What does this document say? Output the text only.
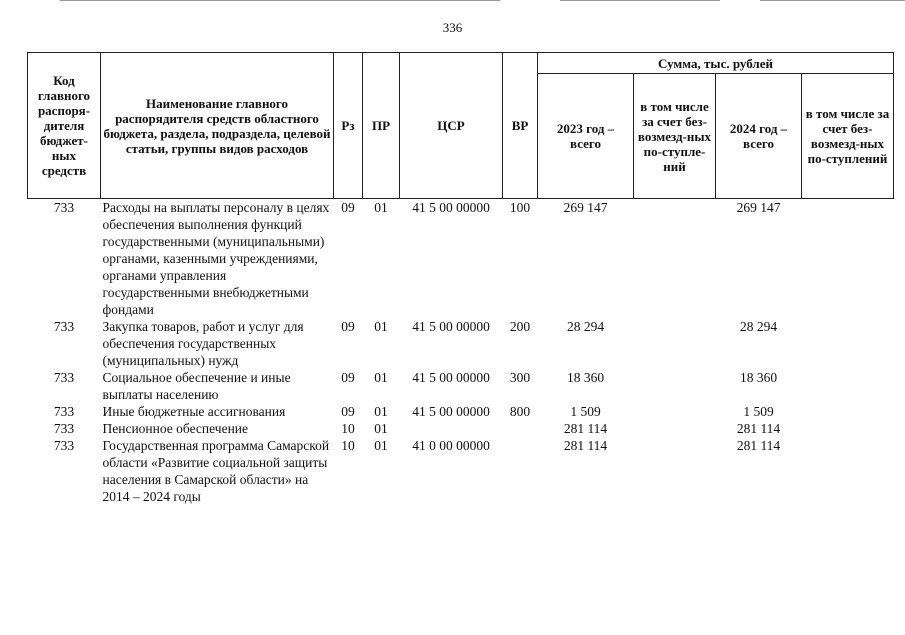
336
Код главного распоря-дителя бюджет-ных средств	Наименование главного распорядителя средств областного бюджета, раздела, подраздела, целевой статьи, группы видов расходов	Рз	ПР	ЦСР	ВР	Сумма, тыс. рублей			
						2023 год – всего	в том числе за счет без-возмезд-ных по-ступле-ний	2024 год – всего	в том числе за счет без-возмезд-ных по-ступлений
733	Расходы на выплаты персоналу в целях обеспечения выполнения функций государственными (муниципальными) органами, казенными учреждениями, органами управления государственными внебюджетными фондами	09	01	41 5 00 00000	100	269 147		269 147	
733	Закупка товаров, работ и услуг для обеспечения государственных (муниципальных) нужд	09	01	41 5 00 00000	200	28 294		28 294	
733	Социальное обеспечение и иные выплаты населению	09	01	41 5 00 00000	300	18 360		18 360	
733	Иные бюджетные ассигнования	09	01	41 5 00 00000	800	1 509		1 509	
733	Пенсионное обеспечение	10	01			281 114		281 114	
733	Государственная программа Самарской области «Развитие социальной защиты населения в Самарской области» на 2014 – 2024 годы	10	01	41 0 00 00000		281 114		281 114	
